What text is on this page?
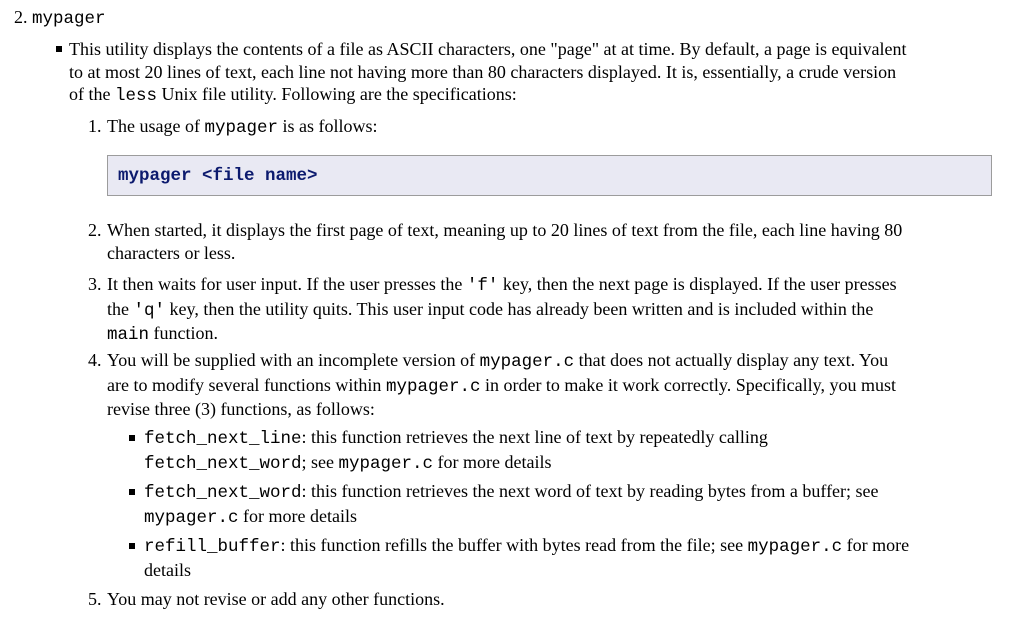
2. mypager
This utility displays the contents of a file as ASCII characters, one "page" at at time. By default, a page is equivalent
to at most 20 lines of text, each line not having more than 80 characters displayed. It is, essentially, a crude version
of the less Unix file utility. Following are the specifications:
1. The usage of mypager is as follows:
mypager <file name>
2. When started, it displays the first page of text, meaning up to 20 lines of text from the file, each line having 80
characters or less.
3. It then waits for user input. If the user presses the 'f' key, then the next page is displayed. If the user presses
the 'q' key, then the utility quits. This user input code has already been written and is included within the
main function.
4. You will be supplied with an incomplete version of mypager.c that does not actually display any text. You
are to modify several functions within mypager.c in order to make it work correctly. Specifically, you must
revise three (3) functions, as follows:
fetch_next_line: this function retrieves the next line of text by repeatedly calling
fetch_next_word; see mypager.c for more details
fetch_next_word: this function retrieves the next word of text by reading bytes from a buffer; see
mypager.c for more details
refill_buffer: this function refills the buffer with bytes read from the file; see mypager.c for more
details
5. You may not revise or add any other functions.
